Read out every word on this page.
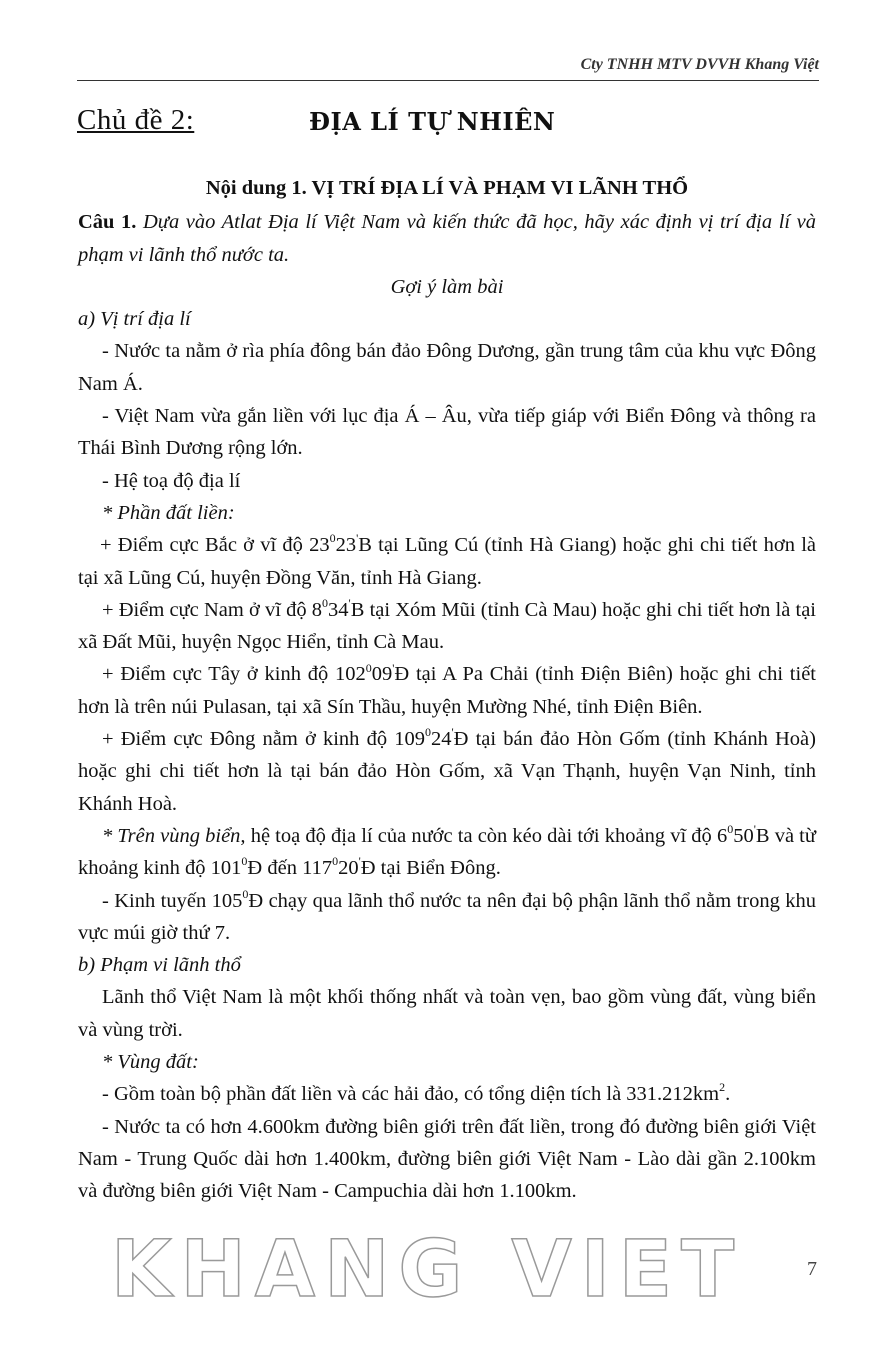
Cty TNHH MTV DVVH Khang Việt
Chủ đề 2:	ĐỊA LÍ TỰ NHIÊN

Nội dung 1. VỊ TRÍ ĐỊA LÍ VÀ PHẠM VI LÃNH THỔ

Câu 1. Dựa vào Atlat Địa lí Việt Nam và kiến thức đã học, hãy xác định vị trí địa lí và phạm vi lãnh thổ nước ta.

Gợi ý làm bài

a) Vị trí địa lí

- Nước ta nằm ở rìa phía đông bán đảo Đông Dương, gần trung tâm của khu vực Đông Nam Á.

- Việt Nam vừa gắn liền với lục địa Á – Âu, vừa tiếp giáp với Biển Đông và thông ra Thái Bình Dương rộng lớn.

- Hệ toạ độ địa lí

* Phần đất liền:

+ Điểm cực Bắc ở vĩ độ $23^023'B$ tại Lũng Cú (tỉnh Hà Giang) hoặc ghi chi tiết hơn là tại xã Lũng Cú, huyện Đồng Văn, tỉnh Hà Giang.

+ Điểm cực Nam ở vĩ độ $8^034'B$ tại Xóm Mũi (tỉnh Cà Mau) hoặc ghi chi tiết hơn là tại xã Đất Mũi, huyện Ngọc Hiển, tỉnh Cà Mau.

+ Điểm cực Tây ở kinh độ $102^009'Đ$ tại A Pa Chải (tỉnh Điện Biên) hoặc ghi chi tiết hơn là trên núi Pulasan, tại xã Sín Thầu, huyện Mường Nhé, tỉnh Điện Biên.

+ Điểm cực Đông nằm ở kinh độ $109^024'Đ$ tại bán đảo Hòn Gốm (tỉnh Khánh Hoà) hoặc ghi chi tiết hơn là tại bán đảo Hòn Gốm, xã Vạn Thạnh, huyện Vạn Ninh, tỉnh Khánh Hoà.

* Trên vùng biển, hệ toạ độ địa lí của nước ta còn kéo dài tới khoảng vĩ độ $6^050'B$ và từ khoảng kinh độ $101^0Đ$ đến $117^020'Đ$ tại Biển Đông.

- Kinh tuyến $105^0Đ$ chạy qua lãnh thổ nước ta nên đại bộ phận lãnh thổ nằm trong khu vực múi giờ thứ 7.

b) Phạm vi lãnh thổ

Lãnh thổ Việt Nam là một khối thống nhất và toàn vẹn, bao gồm vùng đất, vùng biển và vùng trời.

* Vùng đất:

- Gồm toàn bộ phần đất liền và các hải đảo, có tổng diện tích là $331.212km^2$.

- Nước ta có hơn 4.600km đường biên giới trên đất liền, trong đó đường biên giới Việt Nam - Trung Quốc dài hơn 1.400km, đường biên giới Việt Nam - Lào dài gần 2.100km và đường biên giới Việt Nam - Campuchia dài hơn 1.100km.

KHANG VIET	7
